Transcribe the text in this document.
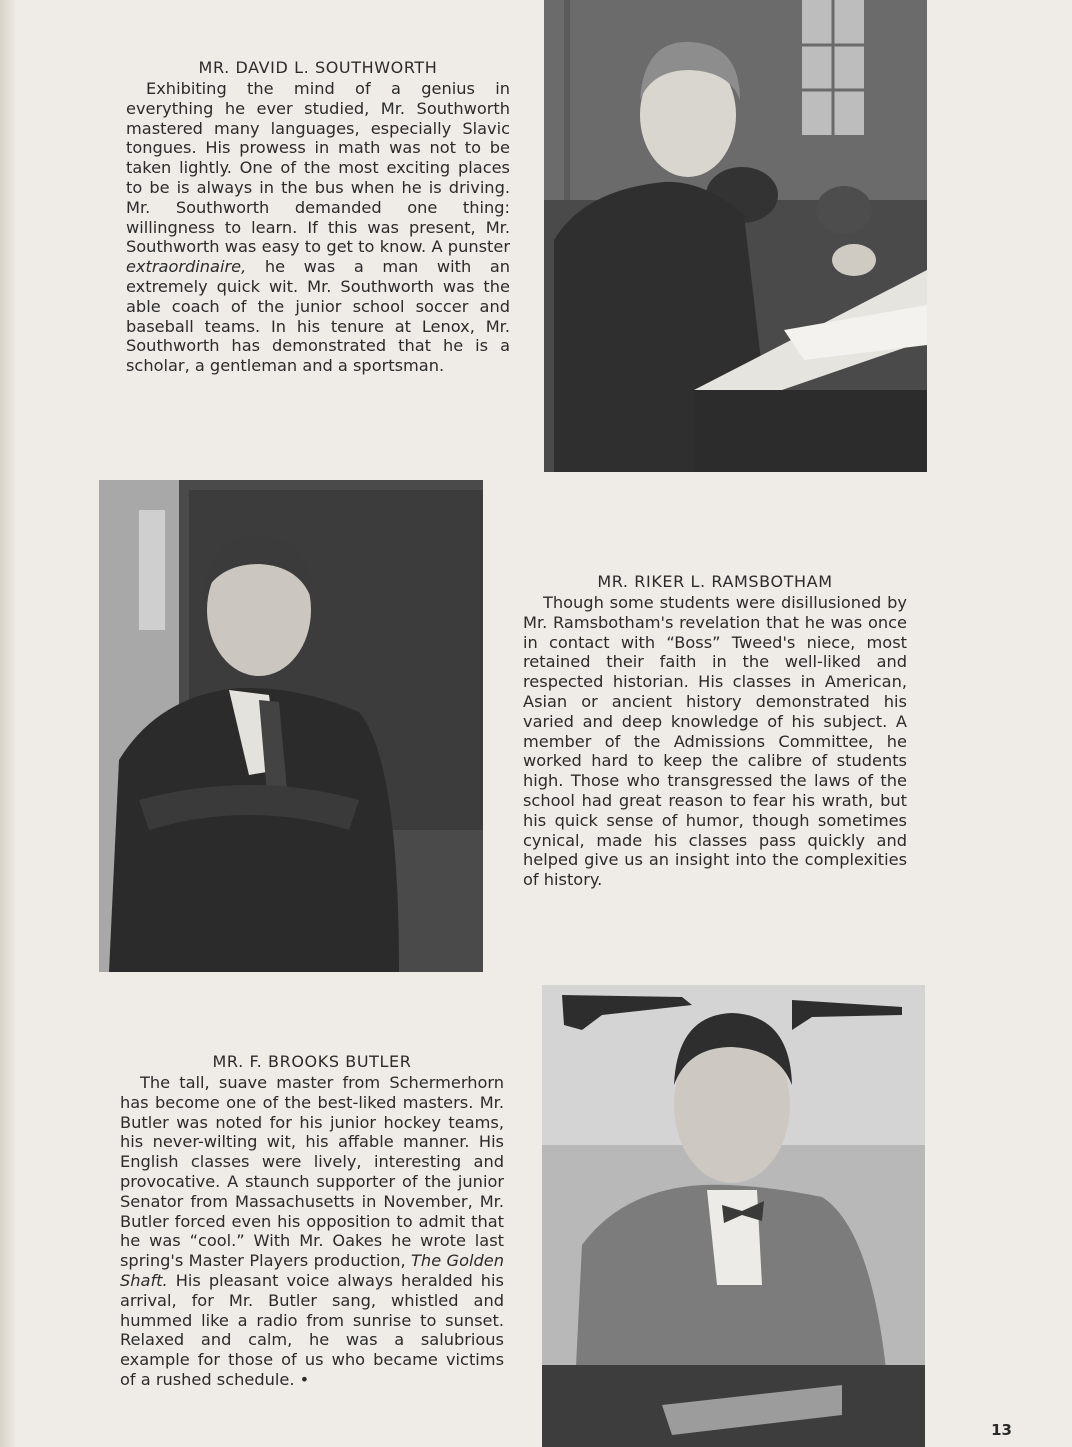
MR. DAVID L. SOUTHWORTH

Exhibiting the mind of a genius in everything he ever studied, Mr. Southworth mastered many languages, especially Slavic tongues. His prowess in math was not to be taken lightly. One of the most exciting places to be is always in the bus when he is driving. Mr. Southworth demanded one thing: willingness to learn. If this was present, Mr. Southworth was easy to get to know. A punster extraordinaire, he was a man with an extremely quick wit. Mr. Southworth was the able coach of the junior school soccer and baseball teams. In his tenure at Lenox, Mr. Southworth has demonstrated that he is a scholar, a gentleman and a sportsman.

MR. RIKER L. RAMSBOTHAM

Though some students were disillusioned by Mr. Ramsbotham's revelation that he was once in contact with “Boss” Tweed's niece, most retained their faith in the well-liked and respected historian. His classes in American, Asian or ancient history demonstrated his varied and deep knowledge of his subject. A member of the Admissions Committee, he worked hard to keep the calibre of students high. Those who transgressed the laws of the school had great reason to fear his wrath, but his quick sense of humor, though sometimes cynical, made his classes pass quickly and helped give us an insight into the complexities of history.

MR. F. BROOKS BUTLER

The tall, suave master from Schermerhorn has become one of the best-liked masters. Mr. Butler was noted for his junior hockey teams, his never-wilting wit, his affable manner. His English classes were lively, interesting and provocative. A staunch supporter of the junior Senator from Massachusetts in November, Mr. Butler forced even his opposition to admit that he was “cool.” With Mr. Oakes he wrote last spring's Master Players production, The Golden Shaft. His pleasant voice always heralded his arrival, for Mr. Butler sang, whistled and hummed like a radio from sunrise to sunset. Relaxed and calm, he was a salubrious example for those of us who became victims of a rushed schedule. •

13
